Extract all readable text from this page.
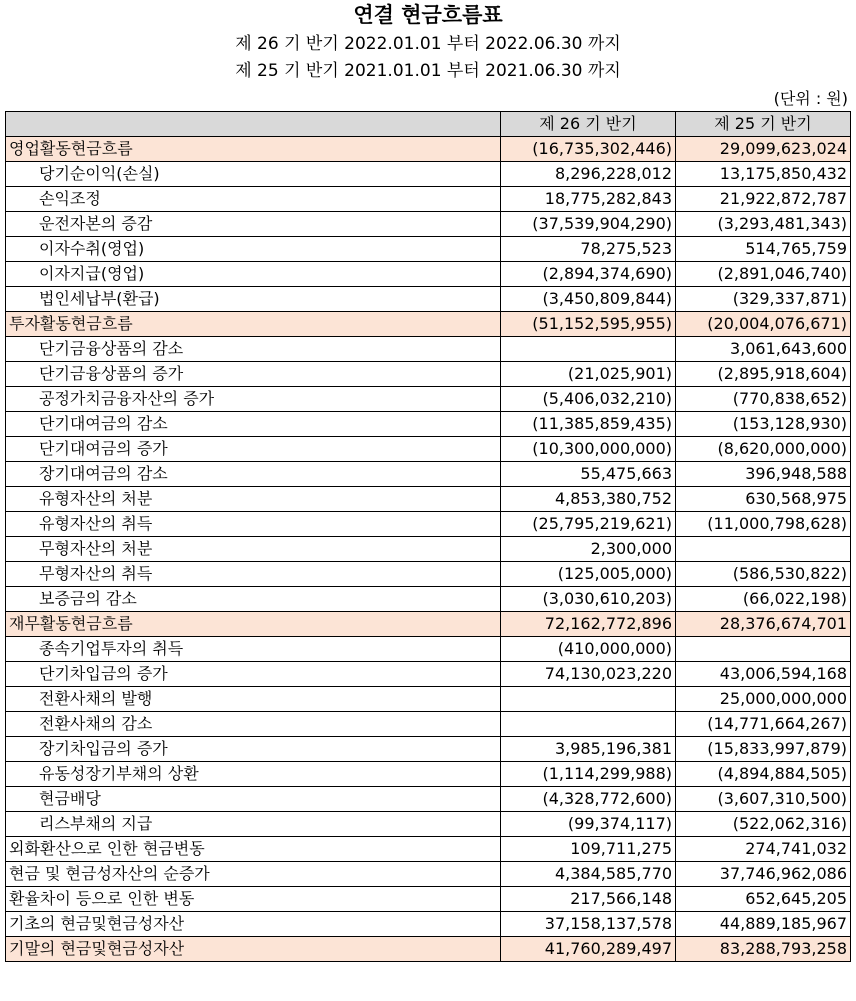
연결 현금흐름표
제 26 기 반기 2022.01.01 부터 2022.06.30 까지
제 25 기 반기 2021.01.01 부터 2021.06.30 까지
(단위 : 원)
	제 26 기 반기	제 25 기 반기
영업활동현금흐름	(16,735,302,446)	29,099,623,024
당기순이익(손실)	8,296,228,012	13,175,850,432
손익조정	18,775,282,843	21,922,872,787
운전자본의 증감	(37,539,904,290)	(3,293,481,343)
이자수취(영업)	78,275,523	514,765,759
이자지급(영업)	(2,894,374,690)	(2,891,046,740)
법인세납부(환급)	(3,450,809,844)	(329,337,871)
투자활동현금흐름	(51,152,595,955)	(20,004,076,671)
단기금융상품의 감소		3,061,643,600
단기금융상품의 증가	(21,025,901)	(2,895,918,604)
공정가치금융자산의 증가	(5,406,032,210)	(770,838,652)
단기대여금의 감소	(11,385,859,435)	(153,128,930)
단기대여금의 증가	(10,300,000,000)	(8,620,000,000)
장기대여금의 감소	55,475,663	396,948,588
유형자산의 처분	4,853,380,752	630,568,975
유형자산의 취득	(25,795,219,621)	(11,000,798,628)
무형자산의 처분	2,300,000	
무형자산의 취득	(125,005,000)	(586,530,822)
보증금의 감소	(3,030,610,203)	(66,022,198)
재무활동현금흐름	72,162,772,896	28,376,674,701
종속기업투자의 취득	(410,000,000)	
단기차입금의 증가	74,130,023,220	43,006,594,168
전환사채의 발행		25,000,000,000
전환사채의 감소		(14,771,664,267)
장기차입금의 증가	3,985,196,381	(15,833,997,879)
유동성장기부채의 상환	(1,114,299,988)	(4,894,884,505)
현금배당	(4,328,772,600)	(3,607,310,500)
리스부채의 지급	(99,374,117)	(522,062,316)
외화환산으로 인한 현금변동	109,711,275	274,741,032
현금 및 현금성자산의 순증가	4,384,585,770	37,746,962,086
환율차이 등으로 인한 변동	217,566,148	652,645,205
기초의 현금및현금성자산	37,158,137,578	44,889,185,967
기말의 현금및현금성자산	41,760,289,497	83,288,793,258
